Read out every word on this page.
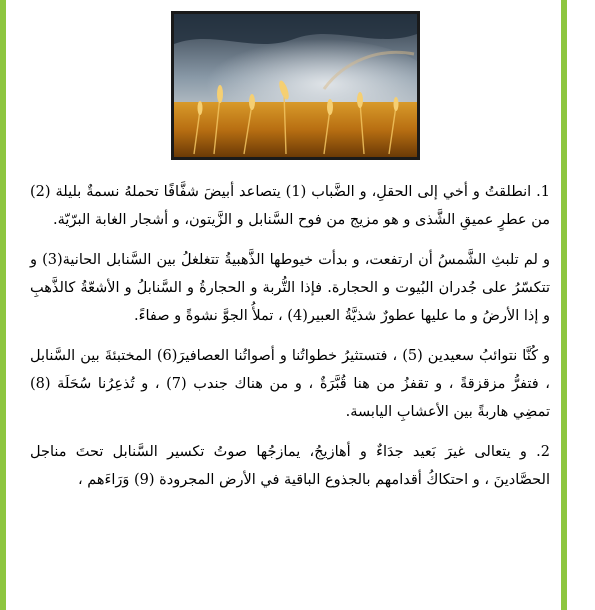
1. انطلقتُ و أخي إلى الحقلِ، و الضَّباب (1) يتصاعد أبيضَ شفَّافًا تحملهُ نسمةٌ بليلة (2) من عطرٍ عميقِ الشَّذى و هو مزيج من فوح السَّنابل و الزَّيتون، و أشجار الغابة البرّيّة.

و لم تلبثِ الشَّمسُ أن ارتفعت، و بدأت خيوطها الذَّهبيةُ تتغلغلُ بين السَّنابل الحانية(3) و تتكسّرُ على جُدران البُيوت و الحجارة. فإذا التُّربة و الحجارةُ و السَّنابلُ و الأشعّةُ كالذَّهبِ و إذا الأرضُ و ما عليها عطورٌ شذيَّةُ العبير(4) ، تملأُ الجوَّ نشوةً و صفاءً.

و كُنَّا نتوائبُ سعيدين (5) ، فتستثيرُ خطواتُنا و أصواتُنا العصافيرَ(6) المختبئةَ بين السَّنابل ، فتفرُّ مزقزقةً ، و تقفزُ من هنا قُبَّرَةٌ ، و من هناك جندب (7) ، و تُذعِرُنا سُحَلَة (8) تمضِي هاربةً بين الأعشابِ اليابسة.

2. و يتعالى غيرَ بَعيد جدَاءٌ و أهازيجُ، يمازجُها صوتُ تكسير السَّنابل تحتَ مناجل الحصَّادينَ ، و احتكاكُ أقدامهم بالجذوع الباقية في الأرض المجرودة (9) وَرَاءَهم ،
